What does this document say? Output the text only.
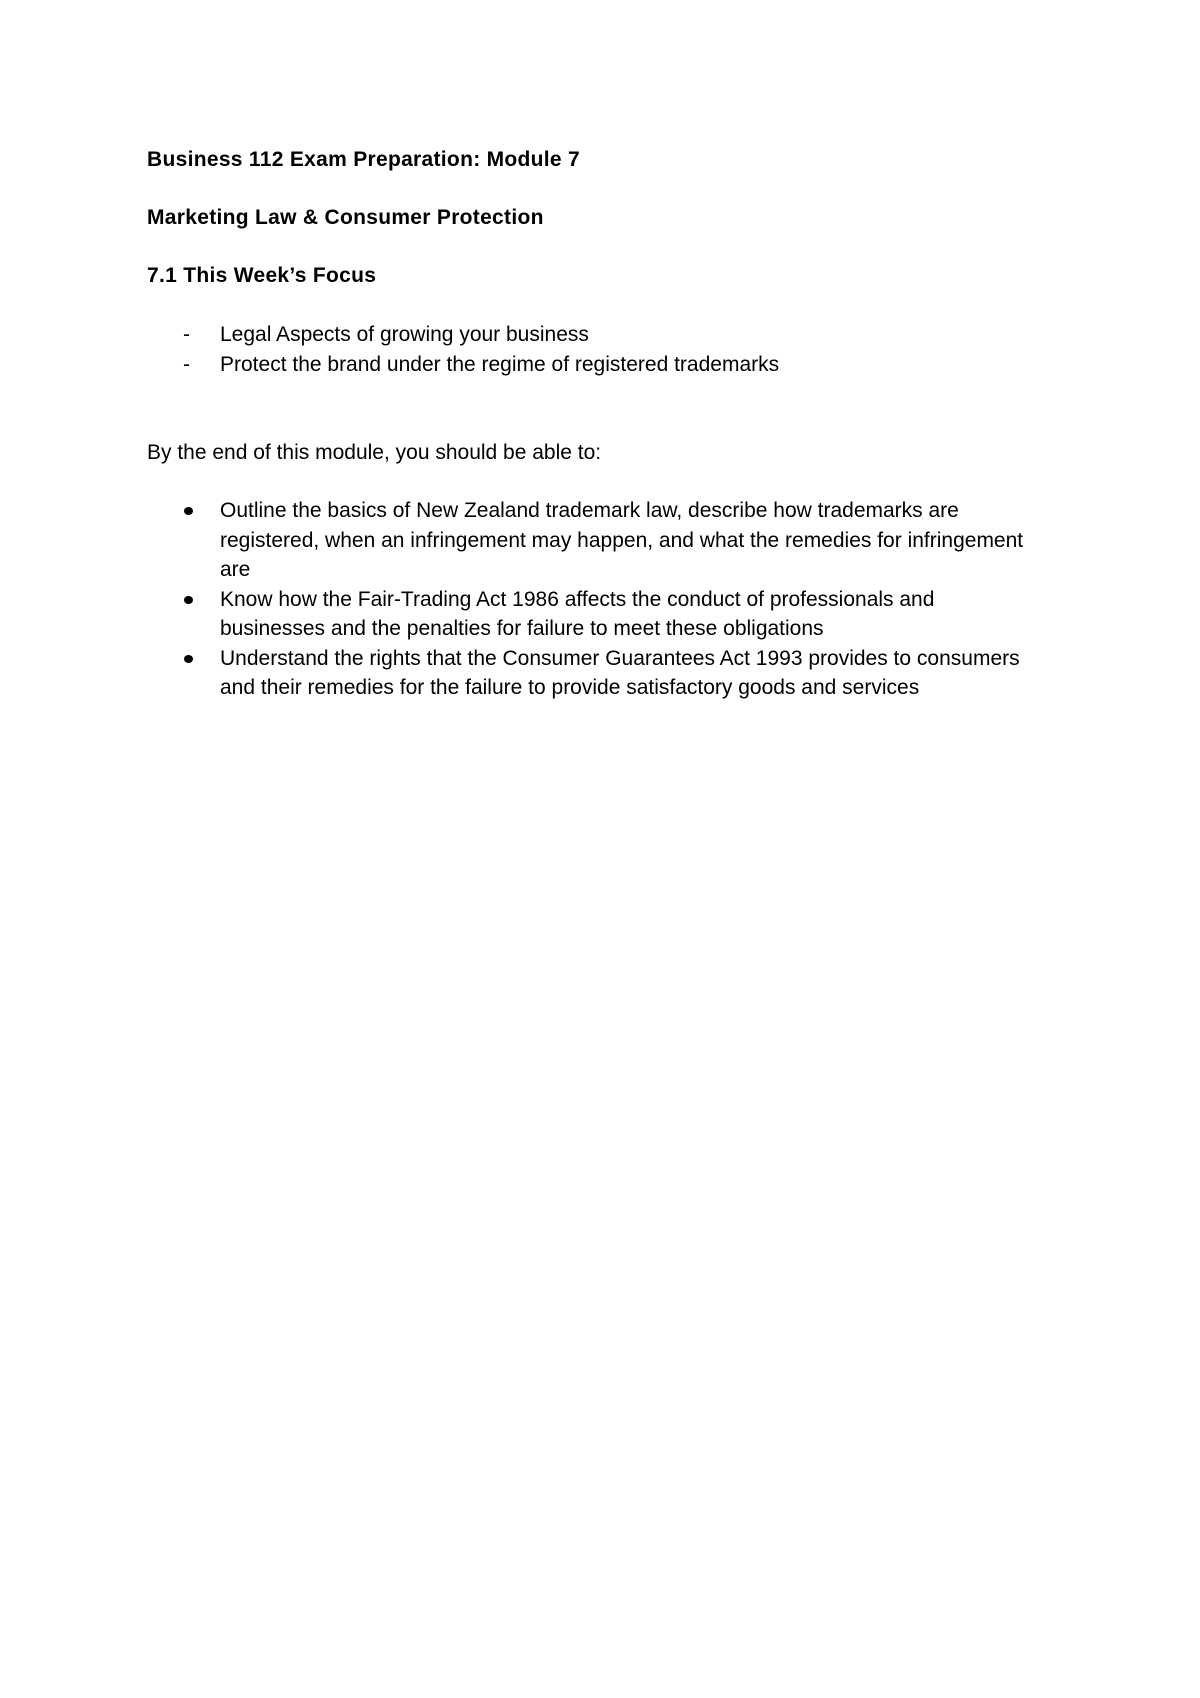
Business 112 Exam Preparation: Module 7

Marketing Law & Consumer Protection

7.1 This Week’s Focus

- Legal Aspects of growing your business
- Protect the brand under the regime of registered trademarks

By the end of this module, you should be able to:

Outline the basics of New Zealand trademark law, describe how trademarks are registered, when an infringement may happen, and what the remedies for infringement are
Know how the Fair-Trading Act 1986 affects the conduct of professionals and businesses and the penalties for failure to meet these obligations
Understand the rights that the Consumer Guarantees Act 1993 provides to consumers and their remedies for the failure to provide satisfactory goods and services
